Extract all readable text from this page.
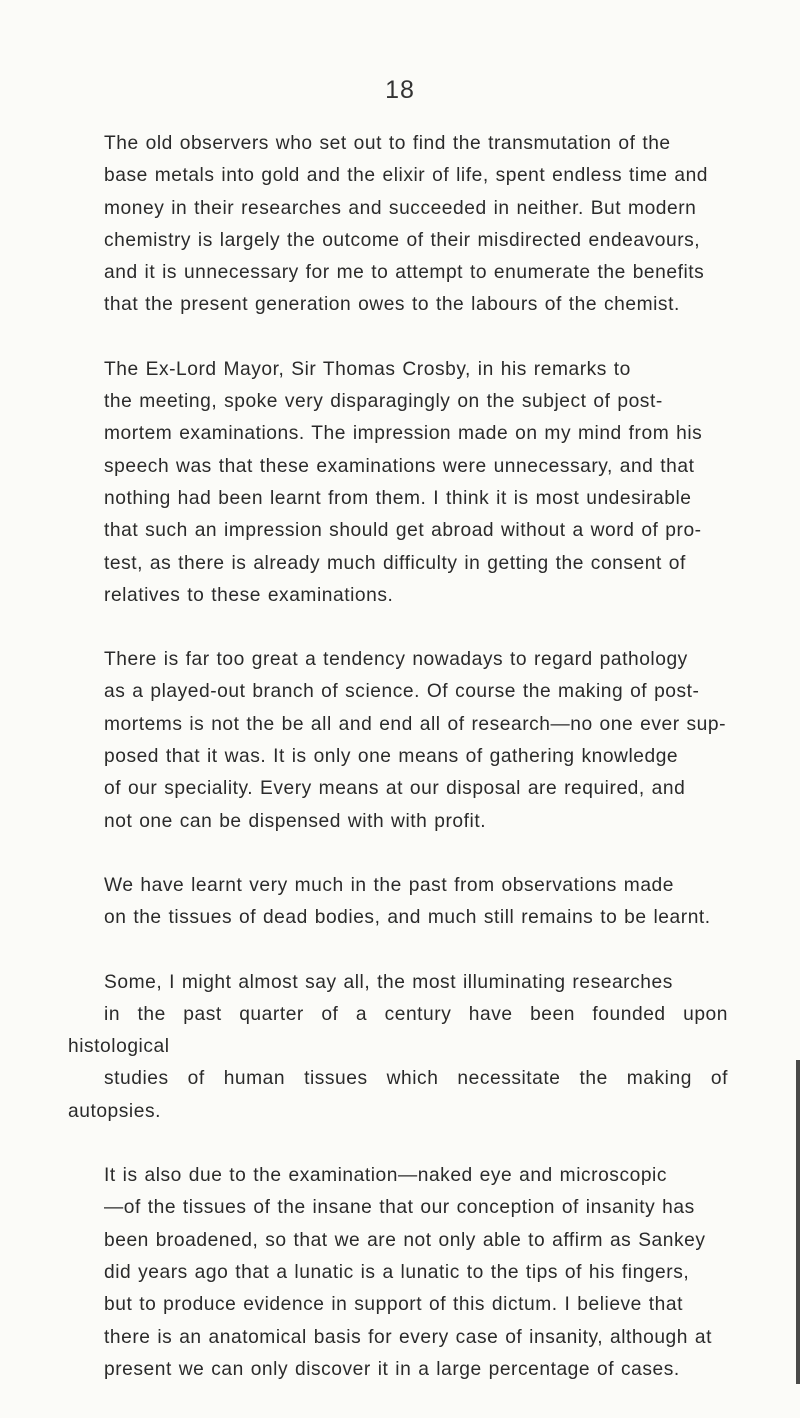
18

The old observers who set out to find the transmutation of the
base metals into gold and the elixir of life, spent endless time and
money in their researches and succeeded in neither. But modern
chemistry is largely the outcome of their misdirected endeavours,
and it is unnecessary for me to attempt to enumerate the benefits
that the present generation owes to the labours of the chemist.

The Ex-Lord Mayor, Sir Thomas Crosby, in his remarks to
the meeting, spoke very disparagingly on the subject of post-
mortem examinations. The impression made on my mind from his
speech was that these examinations were unnecessary, and that
nothing had been learnt from them. I think it is most undesirable
that such an impression should get abroad without a word of pro-
test, as there is already much difficulty in getting the consent of
relatives to these examinations.

There is far too great a tendency nowadays to regard pathology
as a played-out branch of science. Of course the making of post-
mortems is not the be all and end all of research—no one ever sup-
posed that it was. It is only one means of gathering knowledge
of our speciality. Every means at our disposal are required, and
not one can be dispensed with with profit.

We have learnt very much in the past from observations made
on the tissues of dead bodies, and much still remains to be learnt.

Some, I might almost say all, the most illuminating researches
in the past quarter of a century have been founded upon histological
studies of human tissues which necessitate the making of autopsies.

It is also due to the examination—naked eye and microscopic
—of the tissues of the insane that our conception of insanity has
been broadened, so that we are not only able to affirm as Sankey
did years ago that a lunatic is a lunatic to the tips of his fingers,
but to produce evidence in support of this dictum. I believe that
there is an anatomical basis for every case of insanity, although at
present we can only discover it in a large percentage of cases.
